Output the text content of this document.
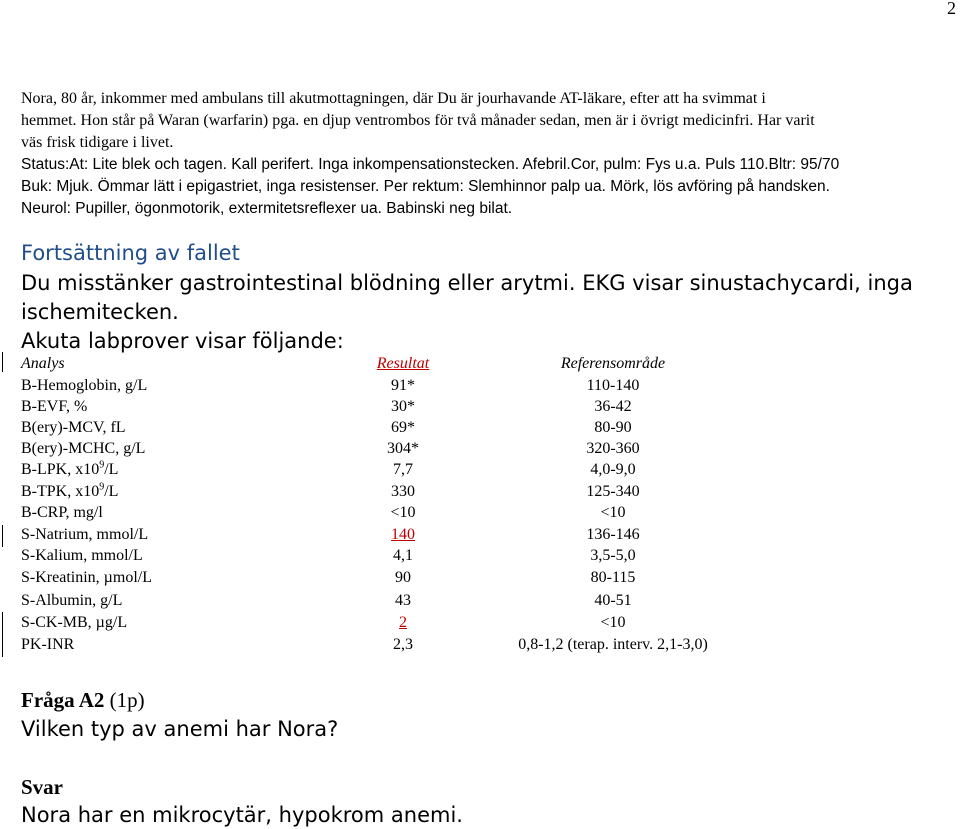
2
Nora, 80 år, inkommer med ambulans till akutmottagningen, där Du är jourhavande AT-läkare, efter att ha svimmat i
hemmet. Hon står på Waran (warfarin) pga. en djup ventrombos för två månader sedan, men är i övrigt medicinfri. Har varit
väs frisk tidigare i livet.
Status:At: Lite blek och tagen. Kall perifert. Inga inkompensationstecken. Afebril.Cor, pulm: Fys u.a. Puls 110.Bltr: 95/70
Buk: Mjuk. Ömmar lätt i epigastriet, inga resistenser. Per rektum: Slemhinnor palp ua. Mörk, lös avföring på handsken.
Neurol: Pupiller, ögonmotorik, extermitetsreflexer ua. Babinski neg bilat.
Fortsättning av fallet
Du misstänker gastrointestinal blödning eller arytmi. EKG visar sinustachycardi, inga
ischemitecken.
Akuta labprover visar följande:
Analys	Resultat	Referensområde
B-Hemoglobin, g/L	91*	110-140
B-EVF, %	30*	36-42
B(ery)-MCV, fL	69*	80-90
B(ery)-MCHC, g/L	304*	320-360
B-LPK, $x10^9/L$	7,7	4,0-9,0
B-TPK, $x10^9/L$	330	125-340
B-CRP, mg/l	<10	<10
S-Natrium, mmol/L	140	136-146
S-Kalium, mmol/L	4,1	3,5-5,0
S-Kreatinin, µmol/L	90	80-115
S-Albumin, g/L	43	40-51
S-CK-MB, µg/L	2	<10
PK-INR	2,3	0,8-1,2 (terap. interv. 2,1-3,0)
Fråga A2 (1p)
Vilken typ av anemi har Nora?
Svar
Nora har en mikrocytär, hypokrom anemi.
